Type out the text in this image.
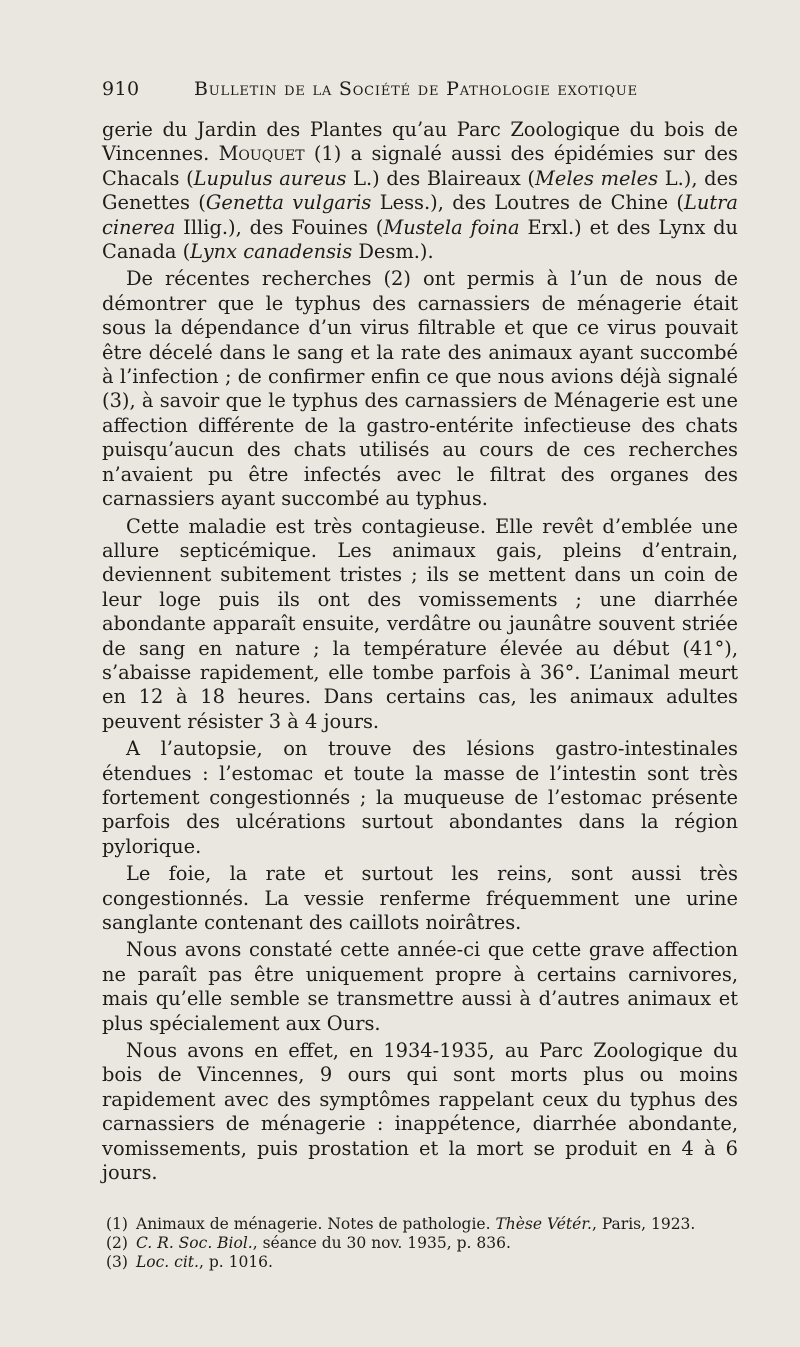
910	Bulletin de la Société de Pathologie exotique

gerie du Jardin des Plantes qu’au Parc Zoologique du bois de Vincennes. Mouquet (1) a signalé aussi des épidémies sur des Chacals (Lupulus aureus L.) des Blaireaux (Meles meles L.), des Genettes (Genetta vulgaris Less.), des Loutres de Chine (Lutra cinerea Illig.), des Fouines (Mustela foina Erxl.) et des Lynx du Canada (Lynx canadensis Desm.).

De récentes recherches (2) ont permis à l’un de nous de démontrer que le typhus des carnassiers de ménagerie était sous la dépendance d’un virus filtrable et que ce virus pouvait être décelé dans le sang et la rate des animaux ayant succombé à l’infection ; de confirmer enfin ce que nous avions déjà signalé (3), à savoir que le typhus des carnassiers de Ménagerie est une affection différente de la gastro-entérite infectieuse des chats puisqu’aucun des chats utilisés au cours de ces recherches n’avaient pu être infectés avec le filtrat des organes des carnassiers ayant succombé au typhus.

Cette maladie est très contagieuse. Elle revêt d’emblée une allure septicémique. Les animaux gais, pleins d’entrain, deviennent subitement tristes ; ils se mettent dans un coin de leur loge puis ils ont des vomissements ; une diarrhée abondante apparaît ensuite, verdâtre ou jaunâtre souvent striée de sang en nature ; la température élevée au début (41°), s’abaisse rapidement, elle tombe parfois à 36°. L’animal meurt en 12 à 18 heures. Dans certains cas, les animaux adultes peuvent résister 3 à 4 jours.

A l’autopsie, on trouve des lésions gastro-intestinales étendues : l’estomac et toute la masse de l’intestin sont très fortement congestionnés ; la muqueuse de l’estomac présente parfois des ulcérations surtout abondantes dans la région pylorique.

Le foie, la rate et surtout les reins, sont aussi très congestionnés. La vessie renferme fréquemment une urine sanglante contenant des caillots noirâtres.

Nous avons constaté cette année-ci que cette grave affection ne paraît pas être uniquement propre à certains carnivores, mais qu’elle semble se transmettre aussi à d’autres animaux et plus spécialement aux Ours.

Nous avons en effet, en 1934-1935, au Parc Zoologique du bois de Vincennes, 9 ours qui sont morts plus ou moins rapidement avec des symptômes rappelant ceux du typhus des carnassiers de ménagerie : inappétence, diarrhée abondante, vomissements, puis prostation et la mort se produit en 4 à 6 jours.

(1) Animaux de ménagerie. Notes de pathologie. Thèse Vétér., Paris, 1923.
(2) C. R. Soc. Biol., séance du 30 nov. 1935, p. 836.
(3) Loc. cit., p. 1016.
